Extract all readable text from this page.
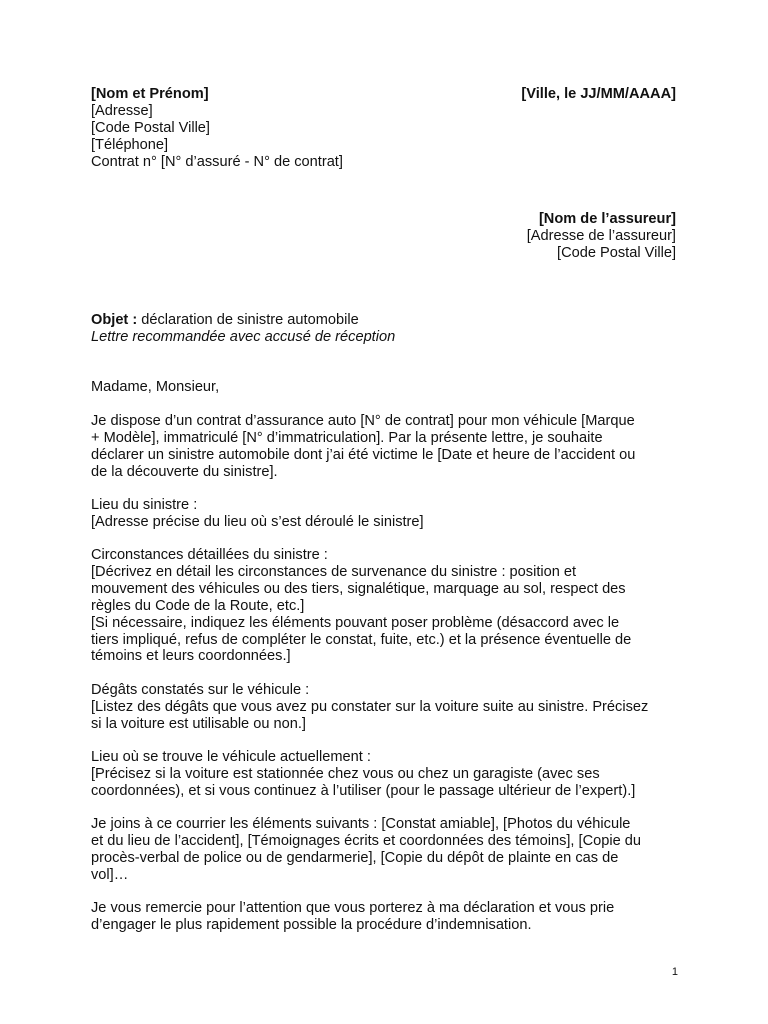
[Nom et Prénom]

[Adresse]

[Code Postal Ville]

[Téléphone]

Contrat n° [N° d’assuré - N° de contrat]

[Ville, le JJ/MM/AAAA]

[Nom de l’assureur]

[Adresse de l’assureur]

[Code Postal Ville]

Objet : déclaration de sinistre automobile

Lettre recommandée avec accusé de réception

Madame, Monsieur,

Je dispose d’un contrat d’assurance auto [N° de contrat] pour mon véhicule [Marque

+ Modèle], immatriculé [N° d’immatriculation]. Par la présente lettre, je souhaite

déclarer un sinistre automobile dont j’ai été victime le [Date et heure de l’accident ou

de la découverte du sinistre].

Lieu du sinistre :

[Adresse précise du lieu où s’est déroulé le sinistre]

Circonstances détaillées du sinistre :

[Décrivez en détail les circonstances de survenance du sinistre : position et

mouvement des véhicules ou des tiers, signalétique, marquage au sol, respect des

règles du Code de la Route, etc.]

[Si nécessaire, indiquez les éléments pouvant poser problème (désaccord avec le

tiers impliqué, refus de compléter le constat, fuite, etc.) et la présence éventuelle de

témoins et leurs coordonnées.]

Dégâts constatés sur le véhicule :

[Listez des dégâts que vous avez pu constater sur la voiture suite au sinistre. Précisez

si la voiture est utilisable ou non.]

Lieu où se trouve le véhicule actuellement :

[Précisez si la voiture est stationnée chez vous ou chez un garagiste (avec ses

coordonnées), et si vous continuez à l’utiliser (pour le passage ultérieur de l’expert).]

Je joins à ce courrier les éléments suivants : [Constat amiable], [Photos du véhicule

et du lieu de l’accident], [Témoignages écrits et coordonnées des témoins], [Copie du

procès-verbal de police ou de gendarmerie], [Copie du dépôt de plainte en cas de

vol]…

Je vous remercie pour l’attention que vous porterez à ma déclaration et vous prie

d’engager le plus rapidement possible la procédure d’indemnisation.

1
